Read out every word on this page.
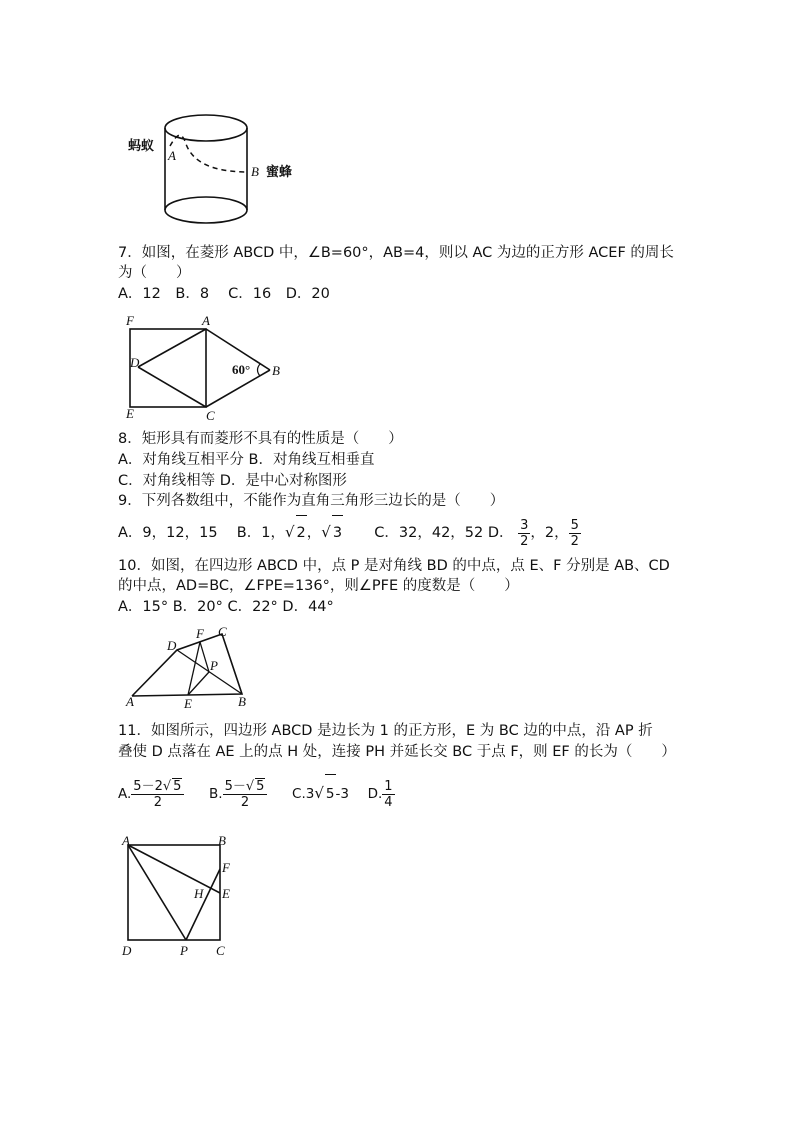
蚂蚁
A
B 蜜蜂
7．如图，在菱形 ABCD 中，∠B=60°，AB=4，则以 AC 为边的正方形 ACEF 的周长
为（　　）
A．12　B．8　 C．16　D．20
F	A
D	60° B
E	C
8．矩形具有而菱形不具有的性质是（　　）
A．对角线互相平分 B．对角线互相垂直
C．对角线相等 D．是中心对称图形
9．下列各数组中，不能作为直角三角形三边长的是（　　）
A．9，12，15 B．1，√ 2，√ 3 C．32，42，52 D． $\frac{3}{2}$ ，2， $\frac{5}{2}$
10．如图，在四边形 ABCD 中，点 P 是对角线 BD 的中点，点 E、F 分别是 AB、CD
的中点，AD=BC，∠FPE=136°，则∠PFE 的度数是（　　）
A．15° B．20° C．22° D．44°
D
F C
P
A	E	B
11．如图所示，四边形 ABCD 是边长为 1 的正方形，E 为 BC 边的中点，沿 AP 折
叠使 D 点落在 AE 上的点 H 处，连接 PH 并延长交 BC 于点 F，则 EF 的长为（　　）
A. $\frac{5-2√ 5}{2} B$. $\frac{5-√ 5}{2} C.3√$ 5-3 D. $\frac{1}{4}$
A	B
F
H E
D	P C
